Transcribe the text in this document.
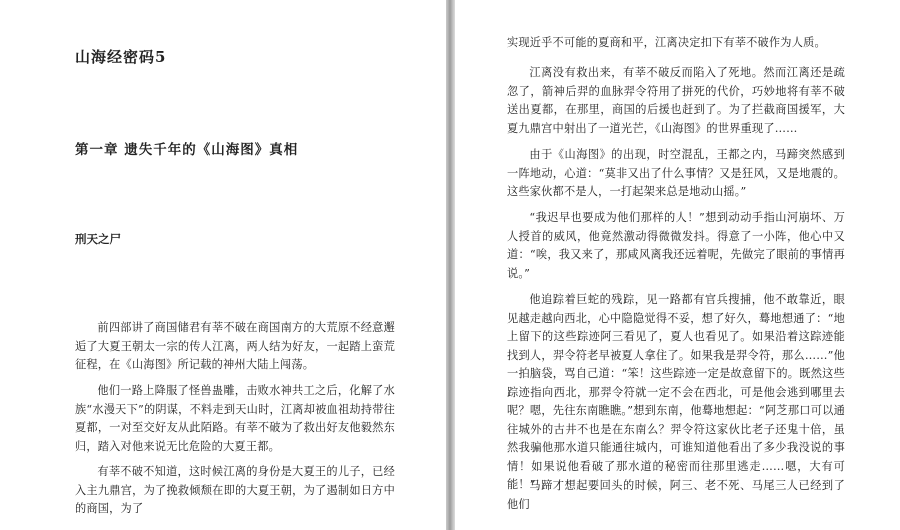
山海经密码5
第一章 遗失千年的《山海图》真相
刑天之尸

前四部讲了商国储君有莘不破在商国南方的大荒原不经意邂逅了大夏王朝太一宗的传人江离，两人结为好友，一起踏上蛮荒征程，在《山海图》所记载的神州大陆上闯荡。

他们一路上降服了怪兽蛊雕，击败水神共工之后，化解了水族“水漫天下”的阴谋，不料走到天山时，江离却被血祖劫持带往夏都，一对至交好友从此陌路。有莘不破为了救出好友他毅然东归，踏入对他来说无比危险的大夏王都。

有莘不破不知道，这时候江离的身份是大夏王的儿子，已经入主九鼎宫，为了挽救倾颓在即的大夏王朝，为了遏制如日方中的商国，为了

实现近乎不可能的夏商和平，江离决定扣下有莘不破作为人质。

江离没有救出来，有莘不破反而陷入了死地。然而江离还是疏忽了，箭神后羿的血脉羿令符用了拼死的代价，巧妙地将有莘不破送出夏都，在那里，商国的后援也赶到了。为了拦截商国援军，大夏九鼎宫中射出了一道光芒，《山海图》的世界重现了……

由于《山海图》的出现，时空混乱，王都之内，马蹄突然感到一阵地动，心道：“莫非又出了什么事情？又是狂风，又是地震的。这些家伙都不是人，一打起架来总是地动山摇。”

“我迟早也要成为他们那样的人！”想到动动手指山河崩坏、万人授首的威风，他竟然激动得微微发抖。得意了一小阵，他心中又道：“唉，我又来了，那咸风离我还远着呢，先做完了眼前的事情再说。”

他追踪着巨蛇的残踪，见一路都有官兵搜捕，他不敢靠近，眼见越走越向西北，心中隐隐觉得不妥，想了好久，蓦地想通了：“地上留下的这些踪迹阿三看见了，夏人也看见了。如果沿着这踪迹能找到人，羿令符老早被夏人拿住了。如果我是羿令符，那么……”他一拍脑袋，骂自己道：“笨！这些踪迹一定是故意留下的。既然这些踪迹指向西北，那羿令符就一定不会在西北，可是他会逃到哪里去呢？嗯，先往东南瞧瞧。”想到东南，他蓦地想起：“阿芝那口可以通往城外的古井不也是在东南么？羿令符这家伙比老子还鬼十倍，虽然我骗他那水道只能通往城内，可谁知道他看出了多少我没说的事情！如果说他看破了那水道的秘密而往那里逃走……嗯，大有可能！”

马蹄才想起要回头的时候，阿三、老不死、马尾三人已经到了他们
